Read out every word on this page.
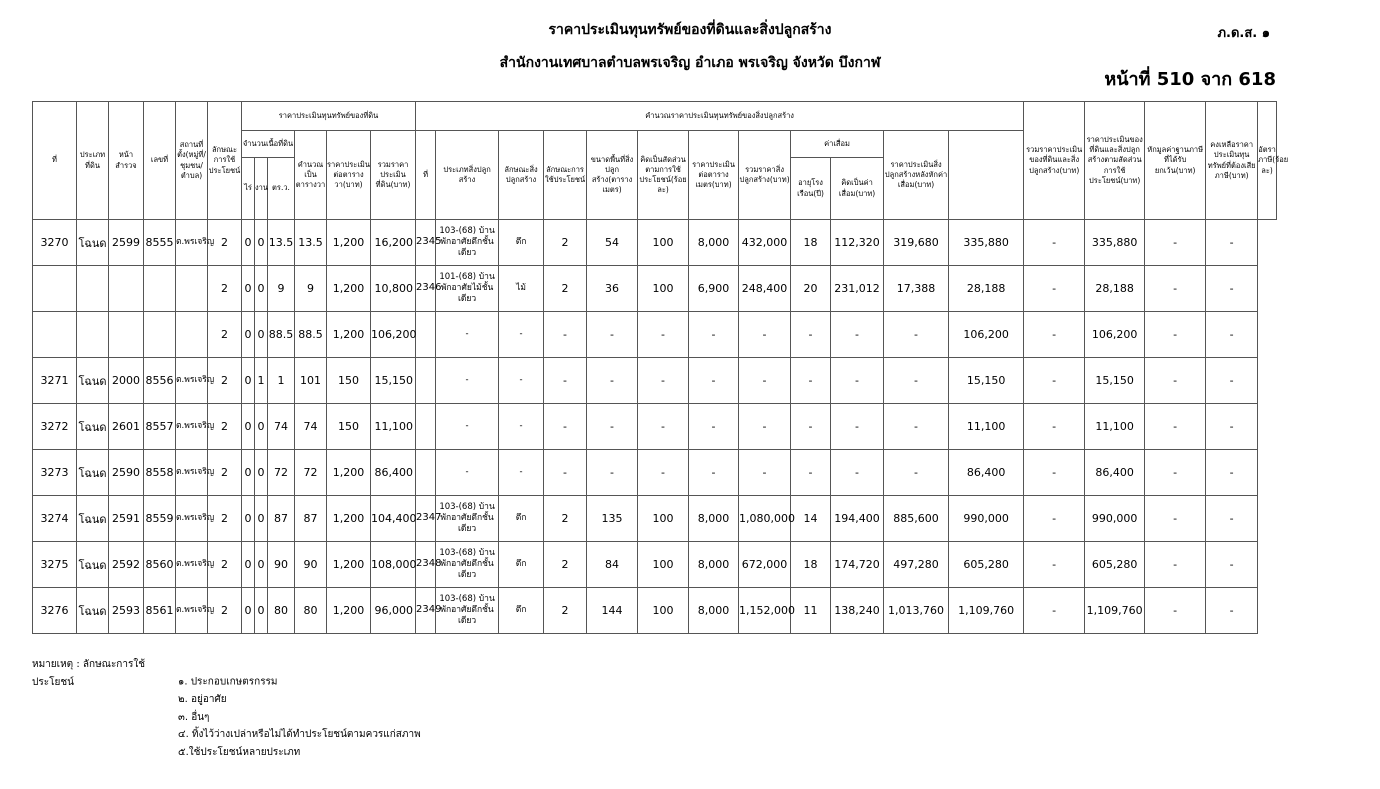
ราคาประเมินทุนทรัพย์ของที่ดินและสิ่งปลูกสร้าง
สำนักงานเทศบาลตำบลพรเจริญ อำเภอ พรเจริญ จังหวัด บึงกาฬ
ภ.ด.ส. ๑
หน้าที่ 510 จาก 618
ที่	ประเภทที่ดิน	หน้าสำรวจ	เลขที่	สถานที่ตั้ง(หมู่ที่/ชุมชน/ตำบล)	ลักษณะการใช้ประโยชน์	ราคาประเมินทุนทรัพย์ของที่ดิน						คำนวณราคาประเมินทุนทรัพย์ของสิ่งปลูกสร้าง												รวมราคาประเมินของที่ดินและสิ่งปลูกสร้าง(บาท)	ราคาประเมินของที่ดินและสิ่งปลูกสร้างตามสัดส่วนการใช้ประโยชน์(บาท)	หักมูลค่าฐานภาษีที่ได้รับยกเว้น(บาท)	คงเหลือราคาประเมินทุนทรัพย์ที่ต้องเสียภาษี(บาท)	อัตราภาษี(ร้อยละ)
						จำนวนเนื้อที่ดิน			คำนวณเป็นตารางวา	ราคาประเมินต่อตารางวา(บาท)	รวมราคาประเมินที่ดิน(บาท)	ที่	ประเภทสิ่งปลูกสร้าง	ลักษณะสิ่งปลูกสร้าง	ลักษณะการใช้ประโยชน์	ขนาดพื้นที่สิ่งปลูกสร้าง(ตารางเมตร)	คิดเป็นสัดส่วนตามการใช้ประโยชน์(ร้อยละ)	ราคาประเมินต่อตารางเมตร(บาท)	รวมราคาสิ่งปลูกสร้าง(บาท)	ค่าเสื่อม		ราคาประเมินสิ่งปลูกสร้างหลังหักค่าเสื่อม(บาท)						
						ไร่	งาน	ตร.ว.												อายุโรงเรือน(ปี)	คิดเป็นค่าเสื่อม(บาท)							
3270	โฉนด	2599	8555	ต.พรเจริญ	2	0	0	13.5	13.5	1,200	16,200	2345	103-(68) บ้านพักอาศัยตึกชั้นเดียว	ตึก	2	54	100	8,000	432,000	18	112,320	319,680	335,880	-	335,880	-	-	
					2	0	0	9	9	1,200	10,800	2346	101-(68) บ้านพักอาศัยไม้ชั้นเดียว	ไม้	2	36	100	6,900	248,400	20	231,012	17,388	28,188	-	28,188	-	-	
					2	0	0	88.5	88.5	1,200	106,200		-	-	-	-	-	-	-	-	-	-	106,200	-	106,200	-	-	
3271	โฉนด	2000	8556	ต.พรเจริญ	2	0	1	1	101	150	15,150		-	-	-	-	-	-	-	-	-	-	15,150	-	15,150	-	-	
3272	โฉนด	2601	8557	ต.พรเจริญ	2	0	0	74	74	150	11,100		-	-	-	-	-	-	-	-	-	-	11,100	-	11,100	-	-	
3273	โฉนด	2590	8558	ต.พรเจริญ	2	0	0	72	72	1,200	86,400		-	-	-	-	-	-	-	-	-	-	86,400	-	86,400	-	-	
3274	โฉนด	2591	8559	ต.พรเจริญ	2	0	0	87	87	1,200	104,400	2347	103-(68) บ้านพักอาศัยตึกชั้นเดียว	ตึก	2	135	100	8,000	1,080,000	14	194,400	885,600	990,000	-	990,000	-	-	
3275	โฉนด	2592	8560	ต.พรเจริญ	2	0	0	90	90	1,200	108,000	2348	103-(68) บ้านพักอาศัยตึกชั้นเดียว	ตึก	2	84	100	8,000	672,000	18	174,720	497,280	605,280	-	605,280	-	-	
3276	โฉนด	2593	8561	ต.พรเจริญ	2	0	0	80	80	1,200	96,000	2349	103-(68) บ้านพักอาศัยตึกชั้นเดียว	ตึก	2	144	100	8,000	1,152,000	11	138,240	1,013,760	1,109,760	-	1,109,760	-	-	
หมายเหตุ : ลักษณะการใช้ประโยชน์	๑. ประกอบเกษตรกรรม
๒. อยู่อาศัย
๓. อื่นๆ
๔. ทิ้งไว้ว่างเปล่าหรือไม่ได้ทำประโยชน์ตามควรแก่สภาพ
๕.ใช้ประโยชน์หลายประเภท
